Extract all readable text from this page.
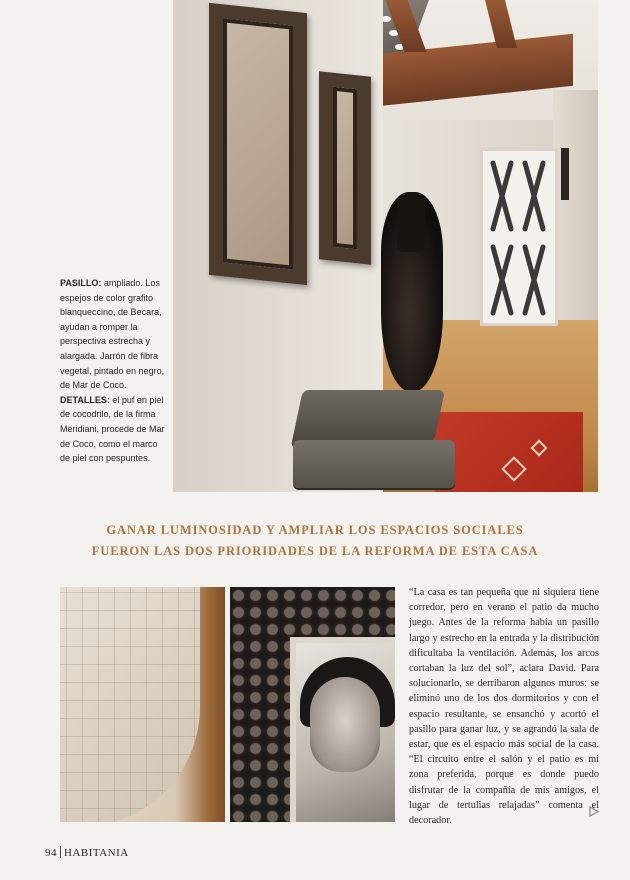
PASILLO: ampliado. Los espejos de color grafito blanqueccino, de Becara, ayudan a romper la perspectiva estrecha y alargada. Jarrón de fibra vegetal, pintado en negro, de Mar de Coco.
DETALLES: el puf en piel de cocodrilo, de la firma Meridiani, procede de Mar de Coco, como el marco de piel con pespuntes.
GANAR LUMINOSIDAD Y AMPLIAR LOS ESPACIOS SOCIALES
FUERON LAS DOS PRIORIDADES DE LA REFORMA DE ESTA CASA
“La casa es tan pequeña que ni siquiera tiene corredor, pero en verano el patio da mucho juego. Antes de la reforma había un pasillo largo y estrecho en la entrada y la distribución dificultaba la ventilación. Además, los arcos cortaban la luz del sol”, aclara David. Para solucionarlo, se derribaron algunos muros: se eliminó uno de los dos dormitorios y con el espacio resultante, se ensanchó y acortó el pasillo para ganar luz, y se agrandó la sala de estar, que es el espacio más social de la casa. “El circuito entre el salón y el patio es mi zona preferida, porque es donde puedo disfrutar de la compañía de mis amigos, el lugar de tertulias relajadas” comenta el decorador.
94 HABITANIA
